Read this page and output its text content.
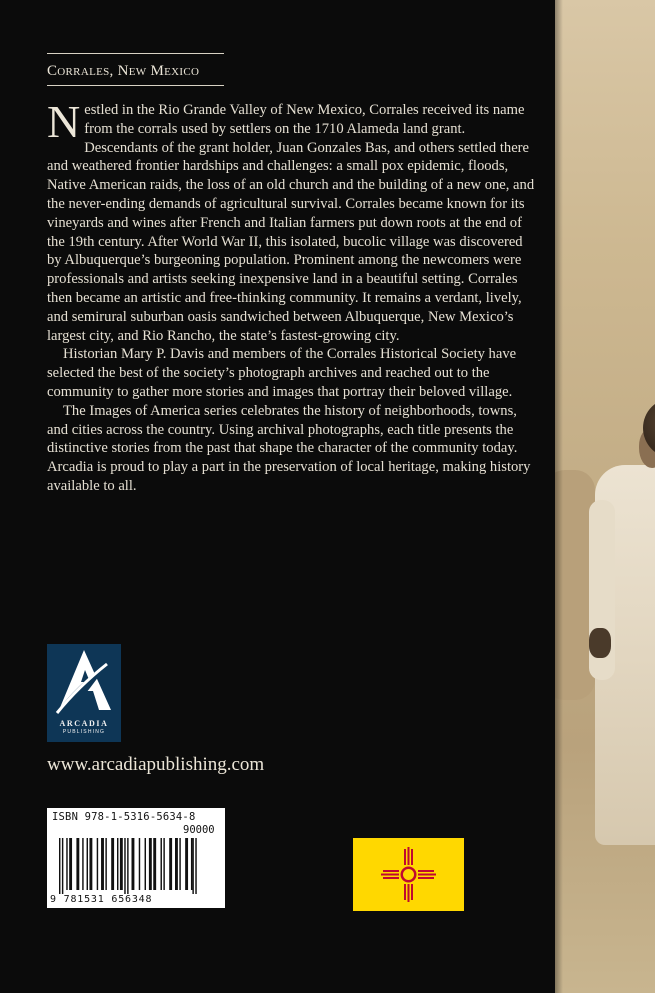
Corrales, New Mexico

Nestled in the Rio Grande Valley of New Mexico, Corrales received its name from the corrals used by settlers on the 1710 Alameda land grant. Descendants of the grant holder, Juan Gonzales Bas, and others settled there and weathered frontier hardships and challenges: a small pox epidemic, floods, Native American raids, the loss of an old church and the building of a new one, and the never-ending demands of agricultural survival. Corrales became known for its vineyards and wines after French and Italian farmers put down roots at the end of the 19th century. After World War II, this isolated, bucolic village was discovered by Albuquerque’s burgeoning population. Prominent among the newcomers were professionals and artists seeking inexpensive land in a beautiful setting. Corrales then became an artistic and free-thinking community. It remains a verdant, lively, and semirural suburban oasis sandwiched between Albuquerque, New Mexico’s largest city, and Rio Rancho, the state’s fastest-growing city.

Historian Mary P. Davis and members of the Corrales Historical Society have selected the best of the society’s photograph archives and reached out to the community to gather more stories and images that portray their beloved village.

The Images of America series celebrates the history of neighborhoods, towns, and cities across the country. Using archival photographs, each title presents the distinctive stories from the past that shape the character of the community today. Arcadia is proud to play a part in the preservation of local heritage, making history available to all.

ARCADIA
PUBLISHING
www.arcadiapublishing.com
ISBN 978-1-5316-5634-8
90000
9 781531 656348
